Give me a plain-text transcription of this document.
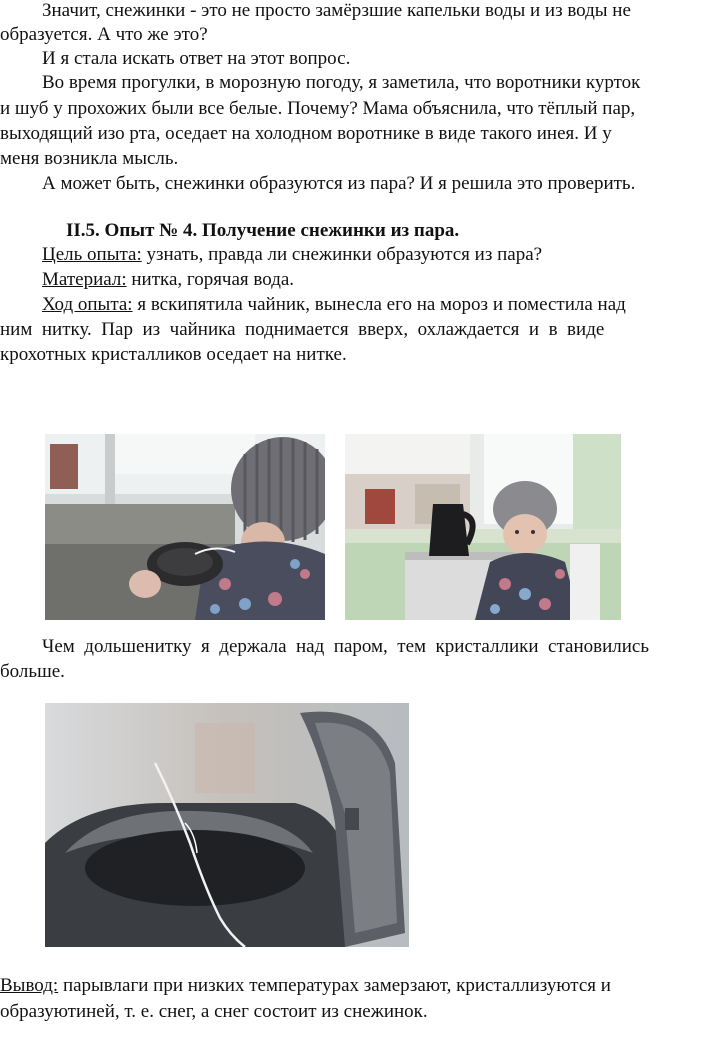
Значит, снежинки - это не просто замёрзшие капельки воды и из воды не
образуется. А что же это?
И я стала искать ответ на этот вопрос.
Во время прогулки, в морозную погоду, я заметила, что воротники курток
и шуб у прохожих были все белые. Почему? Мама объяснила, что тёплый пар,
выходящий изо рта, оседает на холодном воротнике в виде такого инея. И у
меня возникла мысль.
А может быть, снежинки образуются из пара? И я решила это проверить.
II.5. Опыт № 4. Получение снежинки из пара.
Цель опыта: узнать, правда ли снежинки образуются из пара?
Материал: нитка, горячая вода.
Ход опыта: я вскипятила чайник, вынесла его на мороз и поместила над
ним  нитку.  Пар  из  чайника  поднимается  вверх,  охлаждается  и  в  виде
крохотных кристалликов оседает на нитке.
Чем  дольшенитку  я  держала  над  паром,  тем  кристаллики  становились
больше.
Вывод: парывлаги при низких температурах замерзают, кристаллизуются и
образуютиней, т. е. снег, а снег состоит из снежинок.
